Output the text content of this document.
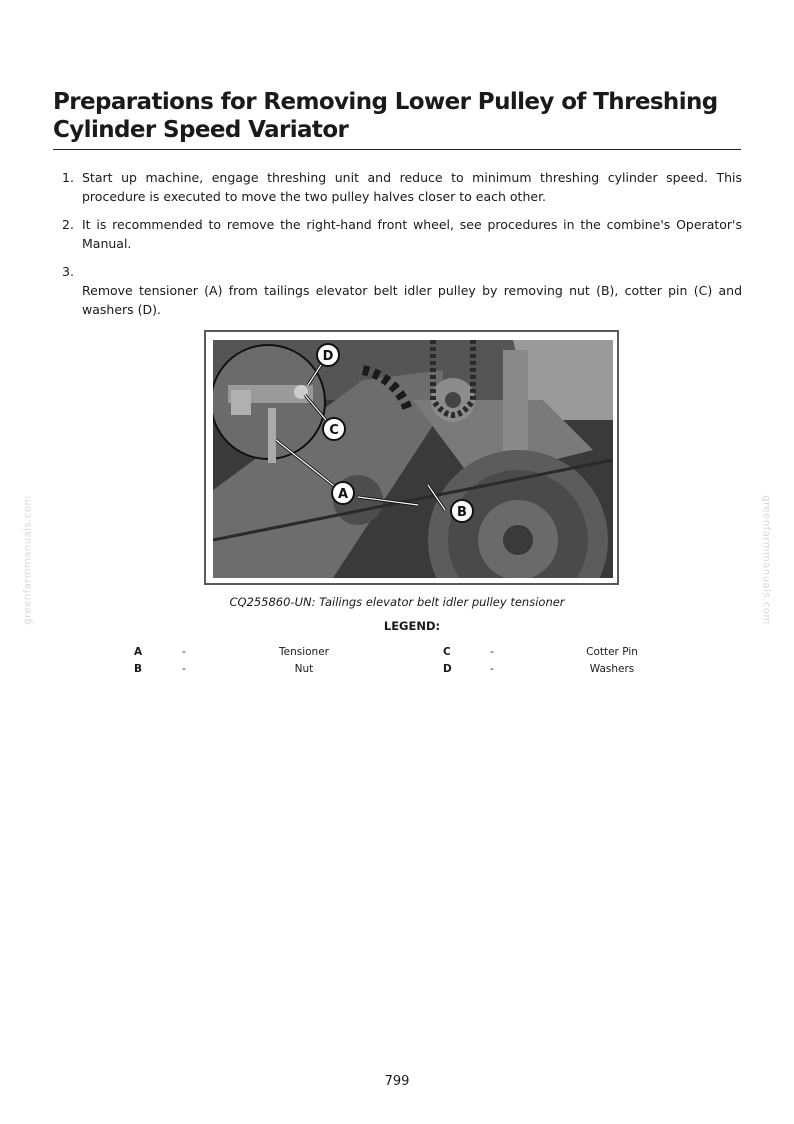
Preparations for Removing Lower Pulley of Threshing Cylinder Speed Variator
1. Start up machine, engage threshing unit and reduce to minimum threshing cylinder speed. This procedure is executed to move the two pulley halves closer to each other.

2. It is recommended to remove the right-hand front wheel, see procedures in the combine's Operator's Manual.

3.

Remove tensioner (A) from tailings elevator belt idler pulley by removing nut (B), cotter pin (C) and washers (D).

D
C
A
B
CQ255860-UN: Tailings elevator belt idler pulley tensioner
LEGEND:
A	-	Tensioner	C	-	Cotter Pin
B	-	Nut	D	-	Washers
greenfarmmanuals.com	greenfarmmanuals.com
799
